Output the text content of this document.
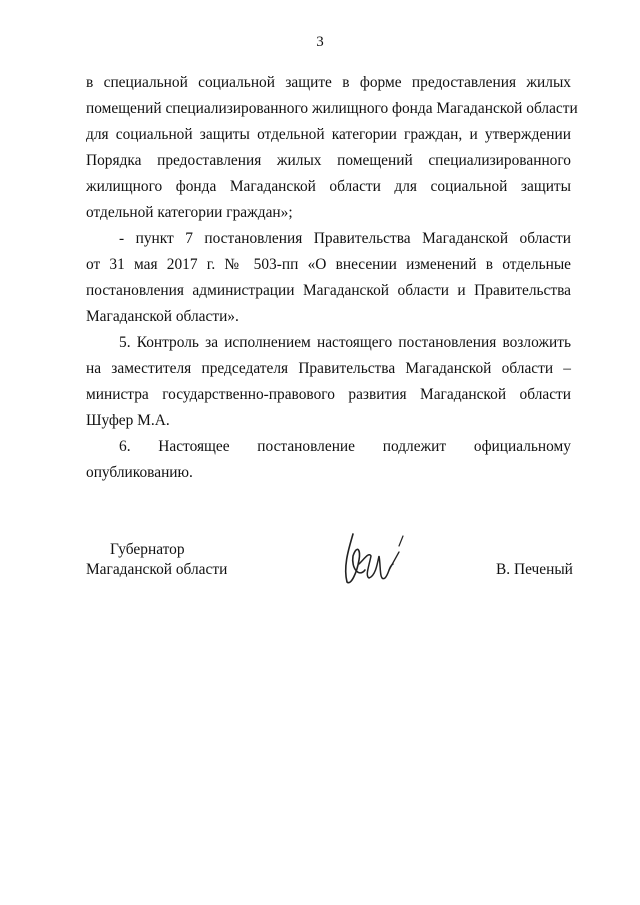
3
в специальной социальной защите в форме предоставления жилых
помещений специализированного жилищного фонда Магаданской области
для социальной защиты отдельной категории граждан, и утверждении
Порядка предоставления жилых помещений специализированного
жилищного фонда Магаданской области для социальной защиты
отдельной категории граждан»;
- пункт 7 постановления Правительства Магаданской области
от 31 мая 2017 г. № 503-пп «О внесении изменений в отдельные
постановления администрации Магаданской области и Правительства
Магаданской области».
5. Контроль за исполнением настоящего постановления возложить
на заместителя председателя Правительства Магаданской области –
министра государственно-правового развития Магаданской области
Шуфер М.А.
6. Настоящее постановление подлежит официальному
опубликованию.
Губернатор
Магаданской области	В. Печеный
